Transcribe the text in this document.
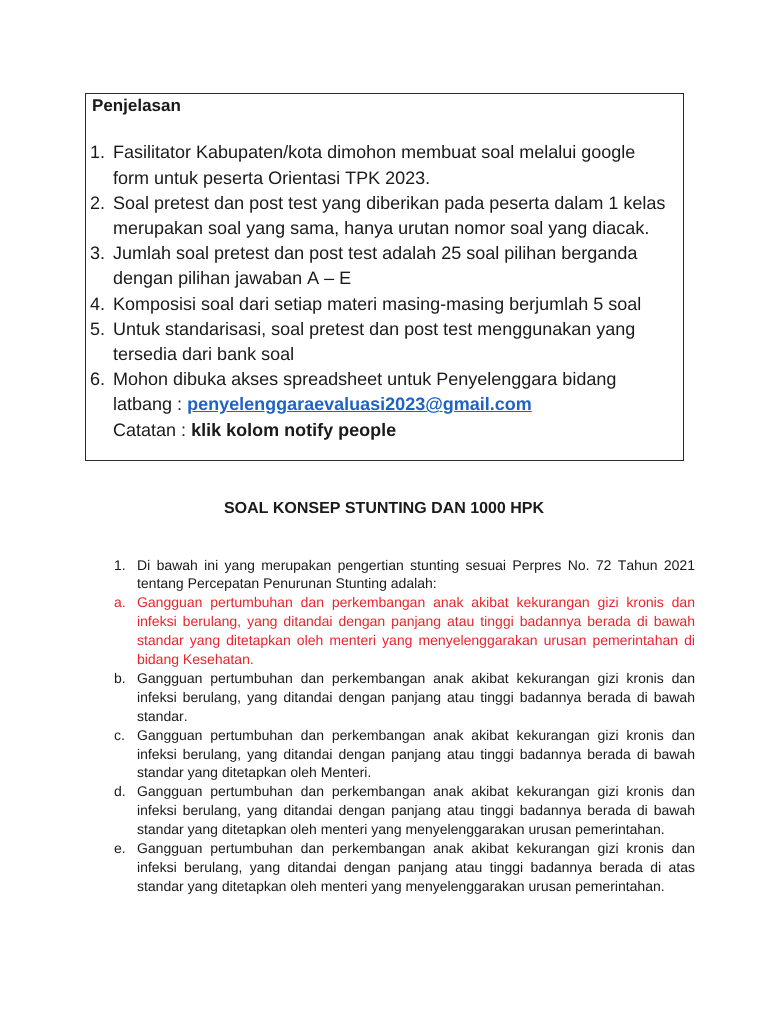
Penjelasan
1. Fasilitator Kabupaten/kota dimohon membuat soal melalui google form untuk peserta Orientasi TPK 2023.
2. Soal pretest dan post test yang diberikan pada peserta dalam 1 kelas merupakan soal yang sama, hanya urutan nomor soal yang diacak.
3. Jumlah soal pretest dan post test adalah 25 soal pilihan berganda dengan pilihan jawaban A – E
4. Komposisi soal dari setiap materi masing-masing berjumlah 5 soal
5. Untuk standarisasi, soal pretest dan post test menggunakan yang tersedia dari bank soal
6. Mohon dibuka akses spreadsheet untuk Penyelenggara bidang latbang : penyelenggaraevaluasi2023@gmail.com
Catatan : klik kolom notify people
SOAL KONSEP STUNTING DAN 1000 HPK
1. Di bawah ini yang merupakan pengertian stunting sesuai Perpres No. 72 Tahun 2021 tentang Percepatan Penurunan Stunting adalah:
a. Gangguan pertumbuhan dan perkembangan anak akibat kekurangan gizi kronis dan infeksi berulang, yang ditandai dengan panjang atau tinggi badannya berada di bawah standar yang ditetapkan oleh menteri yang menyelenggarakan urusan pemerintahan di bidang Kesehatan.
b. Gangguan pertumbuhan dan perkembangan anak akibat kekurangan gizi kronis dan infeksi berulang, yang ditandai dengan panjang atau tinggi badannya berada di bawah standar.
c. Gangguan pertumbuhan dan perkembangan anak akibat kekurangan gizi kronis dan infeksi berulang, yang ditandai dengan panjang atau tinggi badannya berada di bawah standar yang ditetapkan oleh Menteri.
d. Gangguan pertumbuhan dan perkembangan anak akibat kekurangan gizi kronis dan infeksi berulang, yang ditandai dengan panjang atau tinggi badannya berada di bawah standar yang ditetapkan oleh menteri yang menyelenggarakan urusan pemerintahan.
e. Gangguan pertumbuhan dan perkembangan anak akibat kekurangan gizi kronis dan infeksi berulang, yang ditandai dengan panjang atau tinggi badannya berada di atas standar yang ditetapkan oleh menteri yang menyelenggarakan urusan pemerintahan.
